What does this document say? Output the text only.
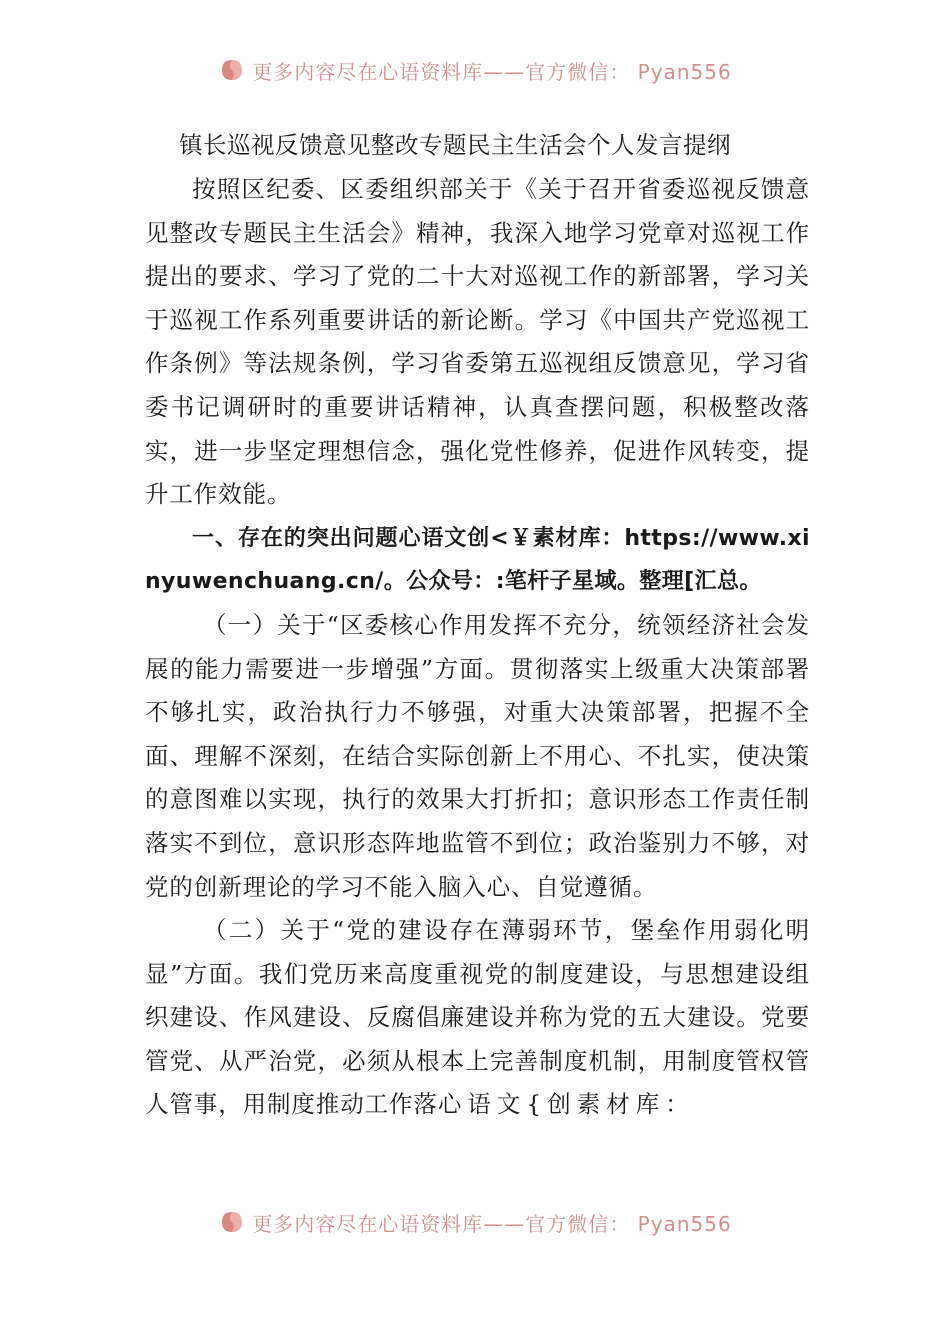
更多内容尽在心语资料库——官方微信： Pyan556
镇长巡视反馈意见整改专题民主生活会个人发言提纲

按照区纪委、区委组织部关于《关于召开省委巡视反馈意见整改专题民主生活会》精神，我深入地学习党章对巡视工作提出的要求、学习了党的二十大对巡视工作的新部署，学习关于巡视工作系列重要讲话的新论断。学习《中国共产党巡视工作条例》等法规条例，学习省委第五巡视组反馈意见，学习省委书记调研时的重要讲话精神，认真查摆问题，积极整改落实，进一步坚定理想信念，强化党性修养，促进作风转变，提升工作效能。

一、存在的突出问题心语文创<￥素材库：https://www.xinyuwenchuang.cn/。公众号：:笔杆子星域。整理[汇总。

（一）关于“区委核心作用发挥不充分，统领经济社会发展的能力需要进一步增强”方面。贯彻落实上级重大决策部署不够扎实，政治执行力不够强，对重大决策部署，把握不全面、理解不深刻，在结合实际创新上不用心、不扎实，使决策的意图难以实现，执行的效果大打折扣；意识形态工作责任制落实不到位，意识形态阵地监管不到位；政治鉴别力不够，对党的创新理论的学习不能入脑入心、自觉遵循。

（二）关于“党的建设存在薄弱环节，堡垒作用弱化明显”方面。我们党历来高度重视党的制度建设，与思想建设组织建设、作风建设、反腐倡廉建设并称为党的五大建设。党要管党、从严治党，必须从根本上完善制度机制，用制度管权管人管事，用制度推动工作落心语文{创素材库：

更多内容尽在心语资料库——官方微信： Pyan556
